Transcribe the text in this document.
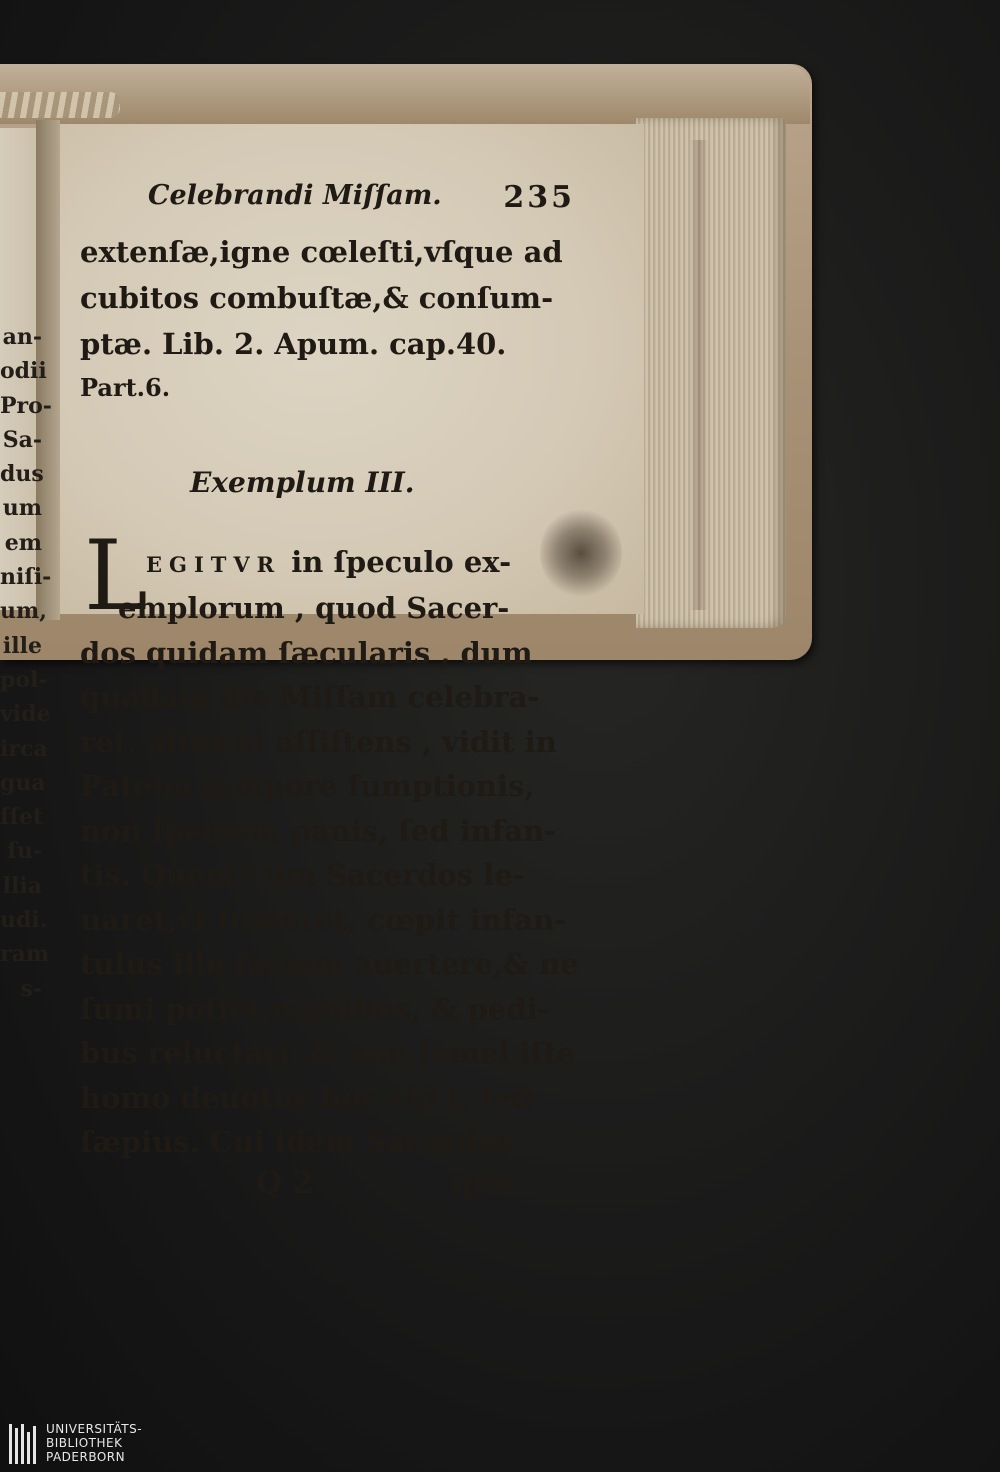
an-
odii
Pro-
Sa-
dus
um
em
niſi-
um,
ille
pol-
vide
irca
gua
ſſet
ſu-
llia
udi.
ram
s-
Celebrandi Miſſam. 235
extenſæ,igne cœleſti,vſque ad
cubitos combuſtæ,& conſum-
ptæ. Lib. 2. Apum. cap.40.
Part.6.
Exemplum III.
L
EGITVR in ſpeculo ex-
emplorum , quod Sacer-
dos quidam ſæcularis , dum
quadam die Miſſam celebra-
ret, alius ei aſſiſtens , vidit in
Patena tempore ſumptionis,
non ſpeciem panis, ſed infan-
tis. Quem cum Sacerdos le-
uaret,vt ſumeret, cœpit infan-
tulus ille faciem auertere,& ne
ſumi poſſet,manibus, & pedi-
bus reluctari: & non ſemel iſte
homo deuotus hoc vid t, ſed
ſæpius. Cui idem Sacerdos
Q 2	qua-
UNIVERSITÄTS-
BIBLIOTHEK
PADERBORN
